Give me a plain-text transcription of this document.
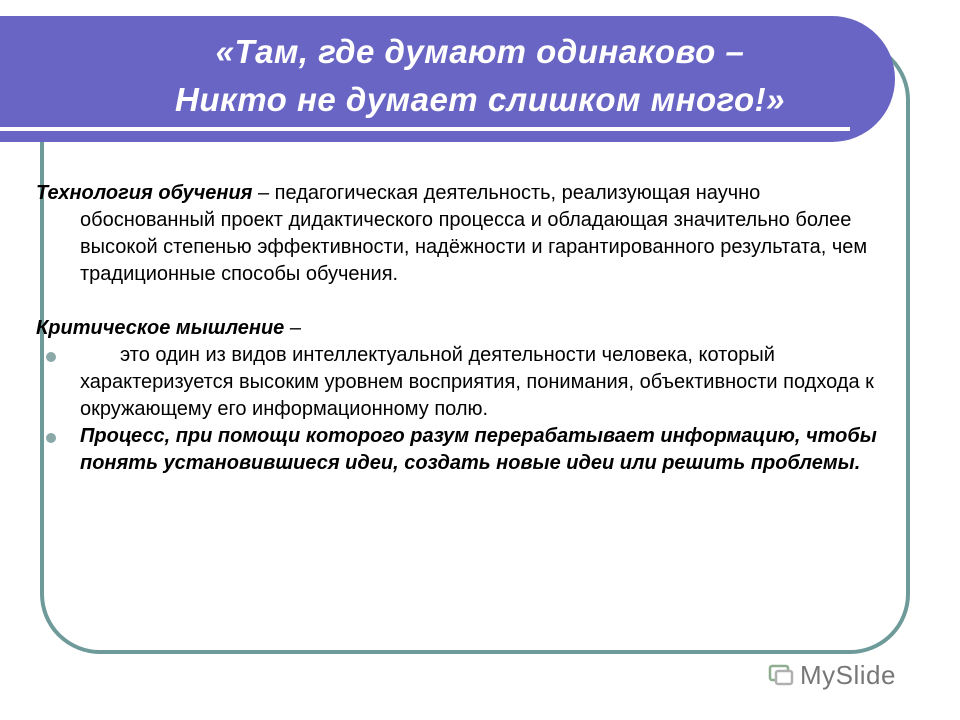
«Там, где думают одинаково –
Никто не думает слишком много!»

Технология обучения – педагогическая деятельность, реализующая научно обоснованный проект дидактического процесса и обладающая значительно более высокой степенью эффективности, надёжности и гарантированного результата, чем традиционные способы обучения.

Критическое мышление –

это один из видов интеллектуальной деятельности человека, который характеризуется высоким уровнем восприятия, понимания, объективности подхода к окружающему его информационному полю.
Процесс, при помощи которого разум перерабатывает информацию, чтобы понять установившиеся идеи, создать новые идеи или решить проблемы.
MySlide
